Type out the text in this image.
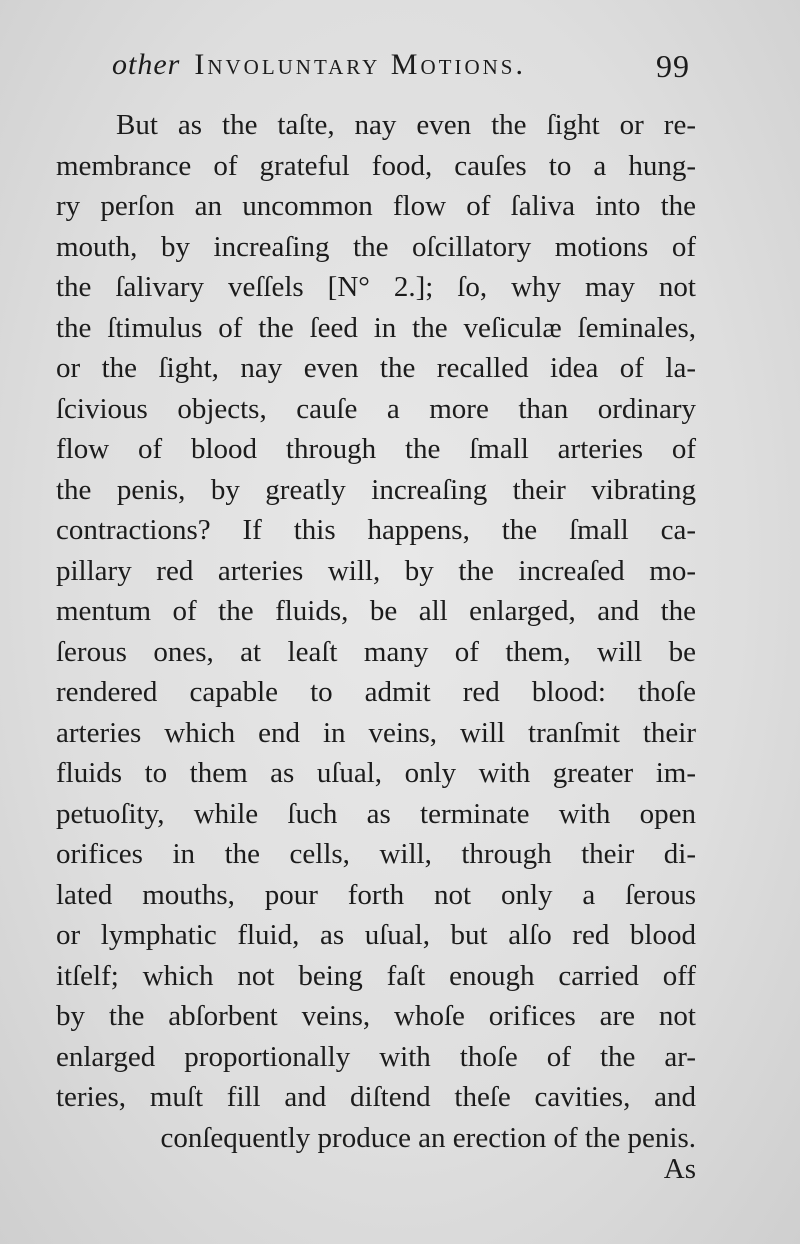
other Involuntary Motions.	99
But as the taſte, nay even the ſight or re-
membrance of grateful food, cauſes to a hung-
ry perſon an uncommon flow of ſaliva into the
mouth, by increaſing the oſcillatory motions of
the ſalivary veſſels [N° 2.]; ſo, why may not
the ſtimulus of the ſeed in the veſiculæ ſeminales,
or the ſight, nay even the recalled idea of la-
ſcivious objects, cauſe a more than ordinary
flow of blood through the ſmall arteries of
the penis, by greatly increaſing their vibrating
contractions? If this happens, the ſmall ca-
pillary red arteries will, by the increaſed mo-
mentum of the fluids, be all enlarged, and the
ſerous ones, at leaſt many of them, will be
rendered capable to admit red blood: thoſe
arteries which end in veins, will tranſmit their
fluids to them as uſual, only with greater im-
petuoſity, while ſuch as terminate with open
orifices in the cells, will, through their di-
lated mouths, pour forth not only a ſerous
or lymphatic fluid, as uſual, but alſo red blood
itſelf; which not being faſt enough carried off
by the abſorbent veins, whoſe orifices are not
enlarged proportionally with thoſe of the ar-
teries, muſt fill and diſtend theſe cavities, and
conſequently produce an erection of the penis.
As
